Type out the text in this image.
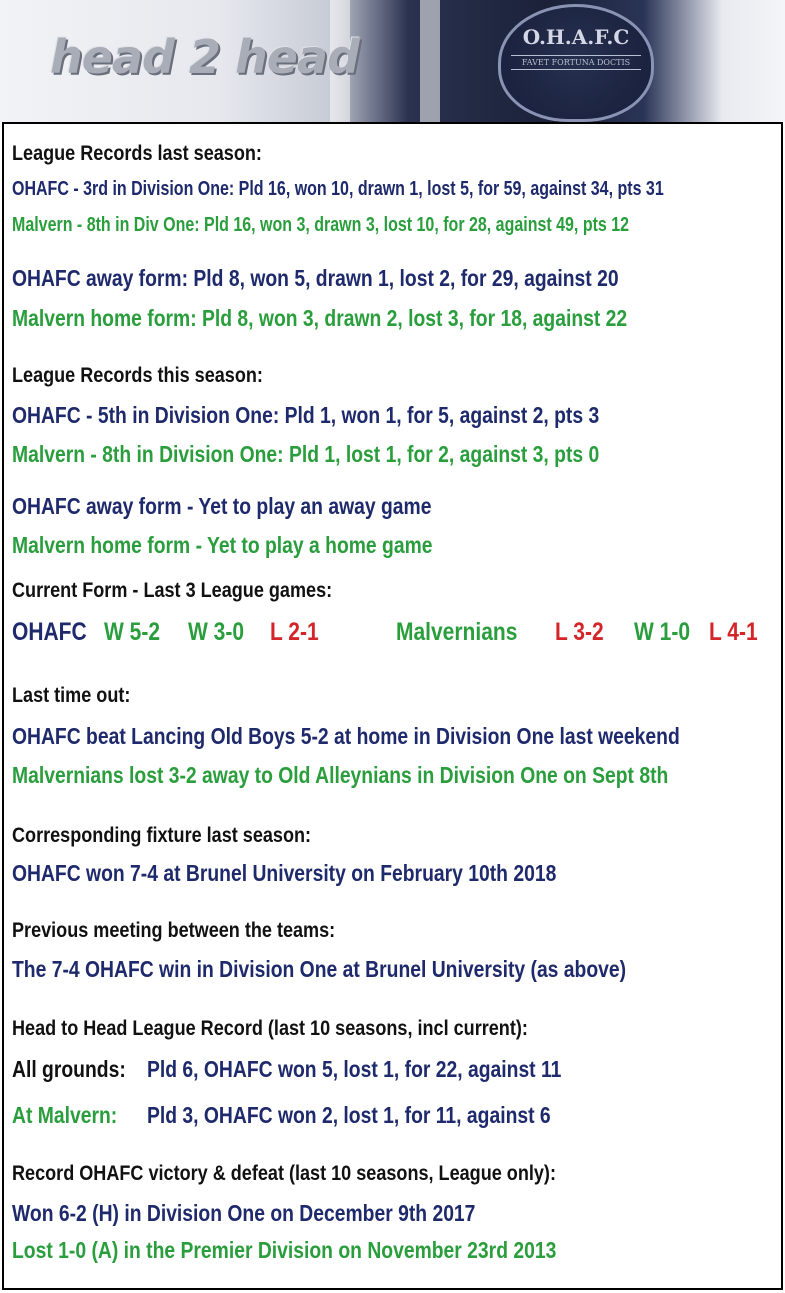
head 2 head	O.H.A.F.C
FAVET FORTUNA DOCTIS
League Records last season:
OHAFC - 3rd in Division One: Pld 16, won 10, drawn 1, lost 5, for 59, against 34, pts 31
Malvern - 8th in Div One: Pld 16, won 3, drawn 3, lost 10, for 28, against 49, pts 12
OHAFC away form: Pld 8, won 5, drawn 1, lost 2, for 29, against 20
Malvern home form: Pld 8, won 3, drawn 2, lost 3, for 18, against 22
League Records this season:
OHAFC - 5th in Division One: Pld 1, won 1, for 5, against 2, pts 3
Malvern - 8th in Division One: Pld 1, lost 1, for 2, against 3, pts 0
OHAFC away form - Yet to play an away game
Malvern home form - Yet to play a home game
Current Form - Last 3 League games:
OHAFC W 5-2 W 3-0 L 2-1	Malvernians L 3-2 W 1-0 L 4-1
Last time out:
OHAFC beat Lancing Old Boys 5-2 at home in Division One last weekend
Malvernians lost 3-2 away to Old Alleynians in Division One on Sept 8th
Corresponding fixture last season:
OHAFC won 7-4 at Brunel University on February 10th 2018
Previous meeting between the teams:
The 7-4 OHAFC win in Division One at Brunel University (as above)
Head to Head League Record (last 10 seasons, incl current):
All grounds: Pld 6, OHAFC won 5, lost 1, for 22, against 11
At Malvern: Pld 3, OHAFC won 2, lost 1, for 11, against 6
Record OHAFC victory & defeat (last 10 seasons, League only):
Won 6-2 (H) in Division One on December 9th 2017
Lost 1-0 (A) in the Premier Division on November 23rd 2013
